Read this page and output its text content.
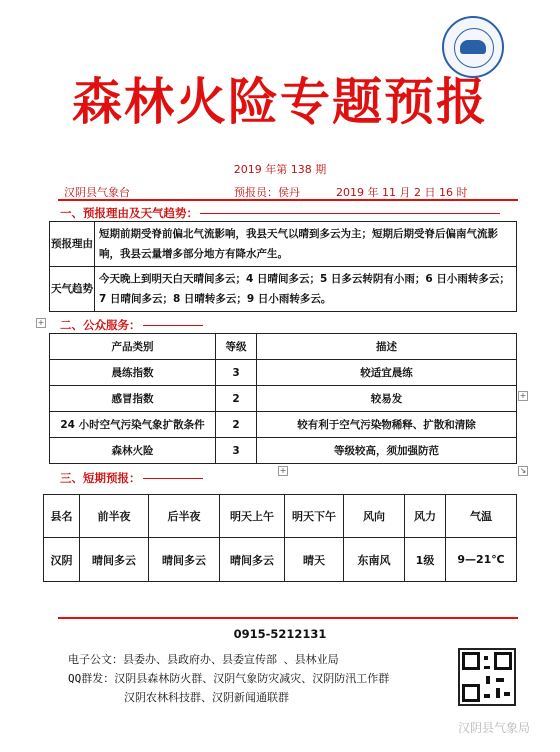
森林火险专题预报
2019 年第 138 期
汉阴县气象台	预报员：侯丹	2019 年 11 月 2 日 16 时
一、预报理由及天气趋势：
预报理由	短期前期受脊前偏北气流影响，我县天气以晴到多云为主；短期后期受脊后偏南气流影响，我县云量增多部分地方有降水产生。
天气趋势	今天晚上到明天白天晴间多云；4 日晴间多云；5 日多云转阴有小雨；6 日小雨转多云；7 日晴间多云；8 日晴转多云；9 日小雨转多云。
+ 二、公众服务：
产品类别	等级	描述
晨练指数	3	较适宜晨练
感冒指数	2	较易发
24 小时空气污染气象扩散条件	2	较有利于空气污染物稀释、扩散和清除
森林火险	3	等级较高，须加强防范
+
+	↘
三、短期预报：
县名	前半夜	后半夜	明天上午	明天下午	风向	风力	气温
汉阴	晴间多云	晴间多云	晴间多云	晴天	东南风	1级	9—21℃
0915-5212131
电子公文：县委办、县政府办、县委宣传部 、县林业局
QQ群发：汉阴县森林防火群、汉阴气象防灾减灾、汉阴防汛工作群
汉阴农林科技群、汉阴新闻通联群
汉阴县气象局
